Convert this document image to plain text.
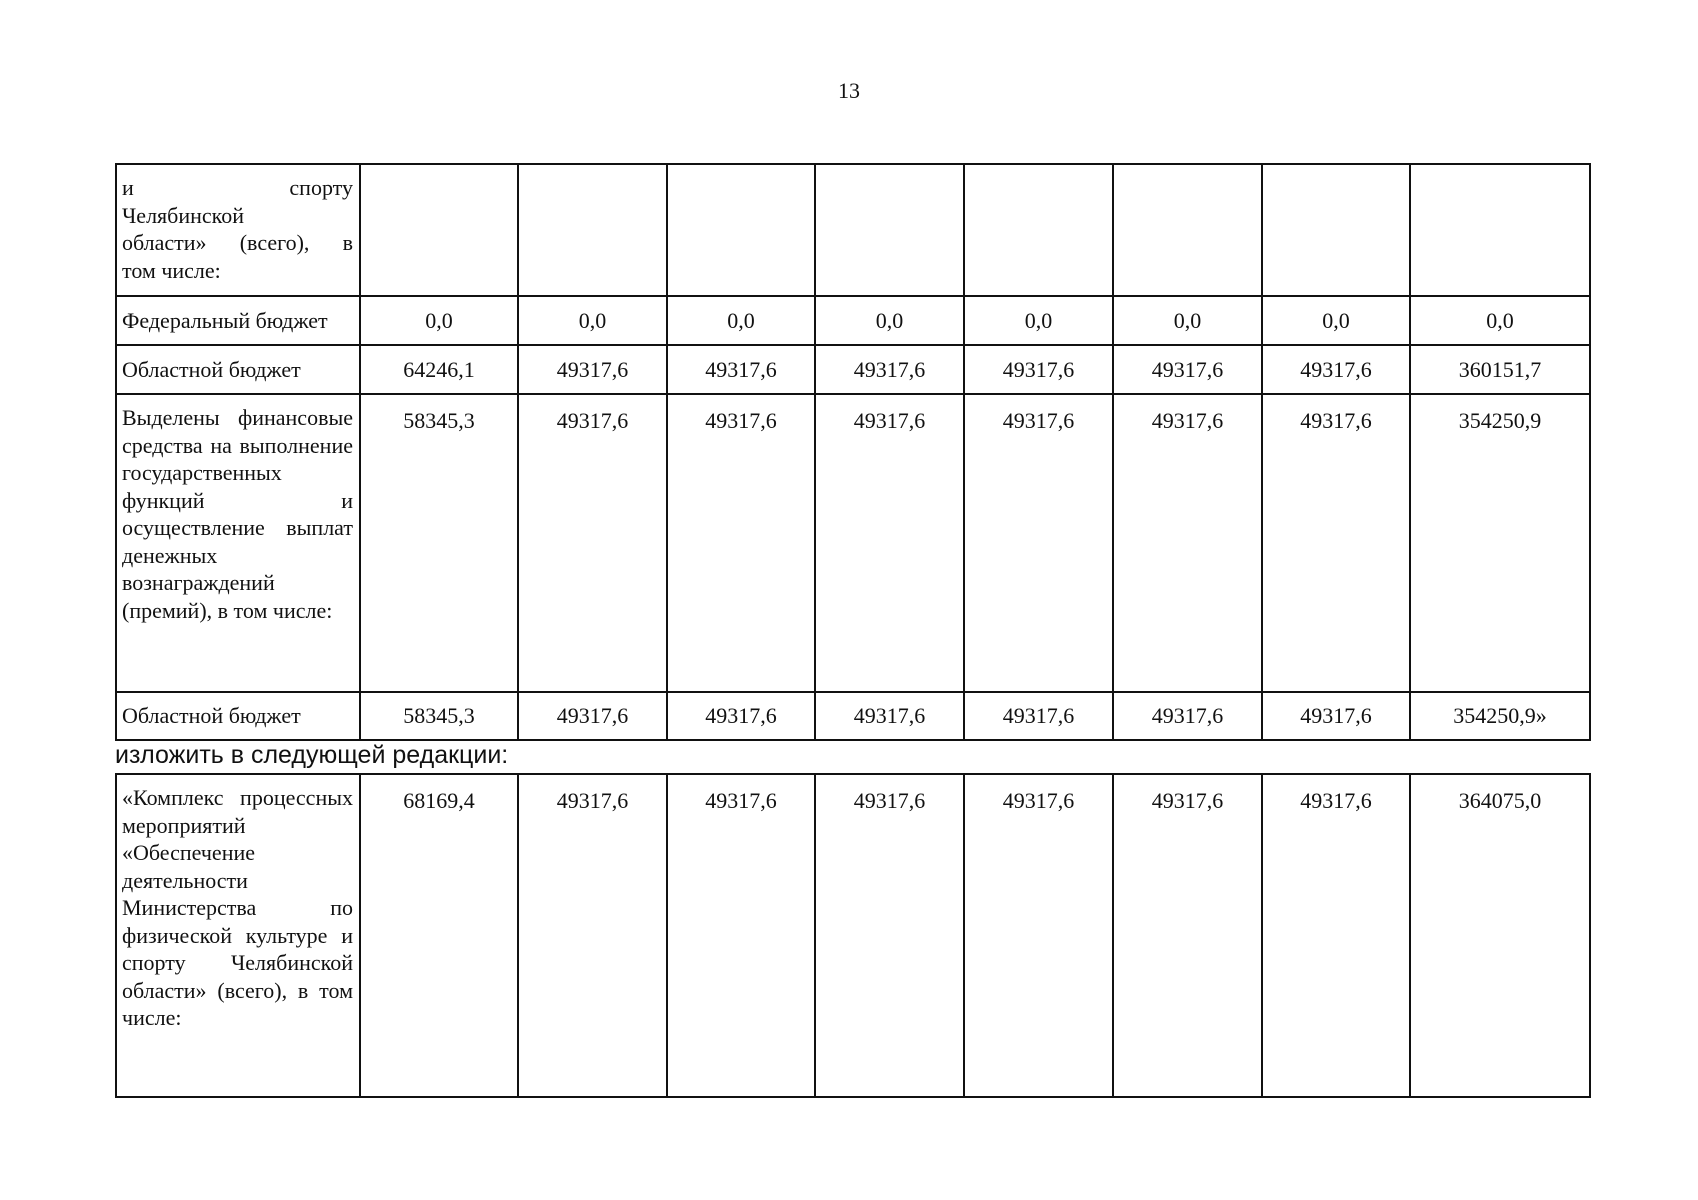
13
и спорту
Челябинской

области» (всего), в
том числе:								
Федеральный бюджет	0,0	0,0	0,0	0,0	0,0	0,0	0,0	0,0
Областной бюджет	64246,1	49317,6	49317,6	49317,6	49317,6	49317,6	49317,6	360151,7
Выделены финансовые средства на выполнение государственных функций и осуществление выплат денежных вознаграждений (премий), в том числе:	58345,3	49317,6	49317,6	49317,6	49317,6	49317,6	49317,6	354250,9
Областной бюджет	58345,3	49317,6	49317,6	49317,6	49317,6	49317,6	49317,6	354250,9»
изложить в следующей редакции:
«Комплекс процессных мероприятий «Обеспечение деятельности Министерства по физической культуре и спорту Челябинской области» (всего), в том числе:	68169,4	49317,6	49317,6	49317,6	49317,6	49317,6	49317,6	364075,0
